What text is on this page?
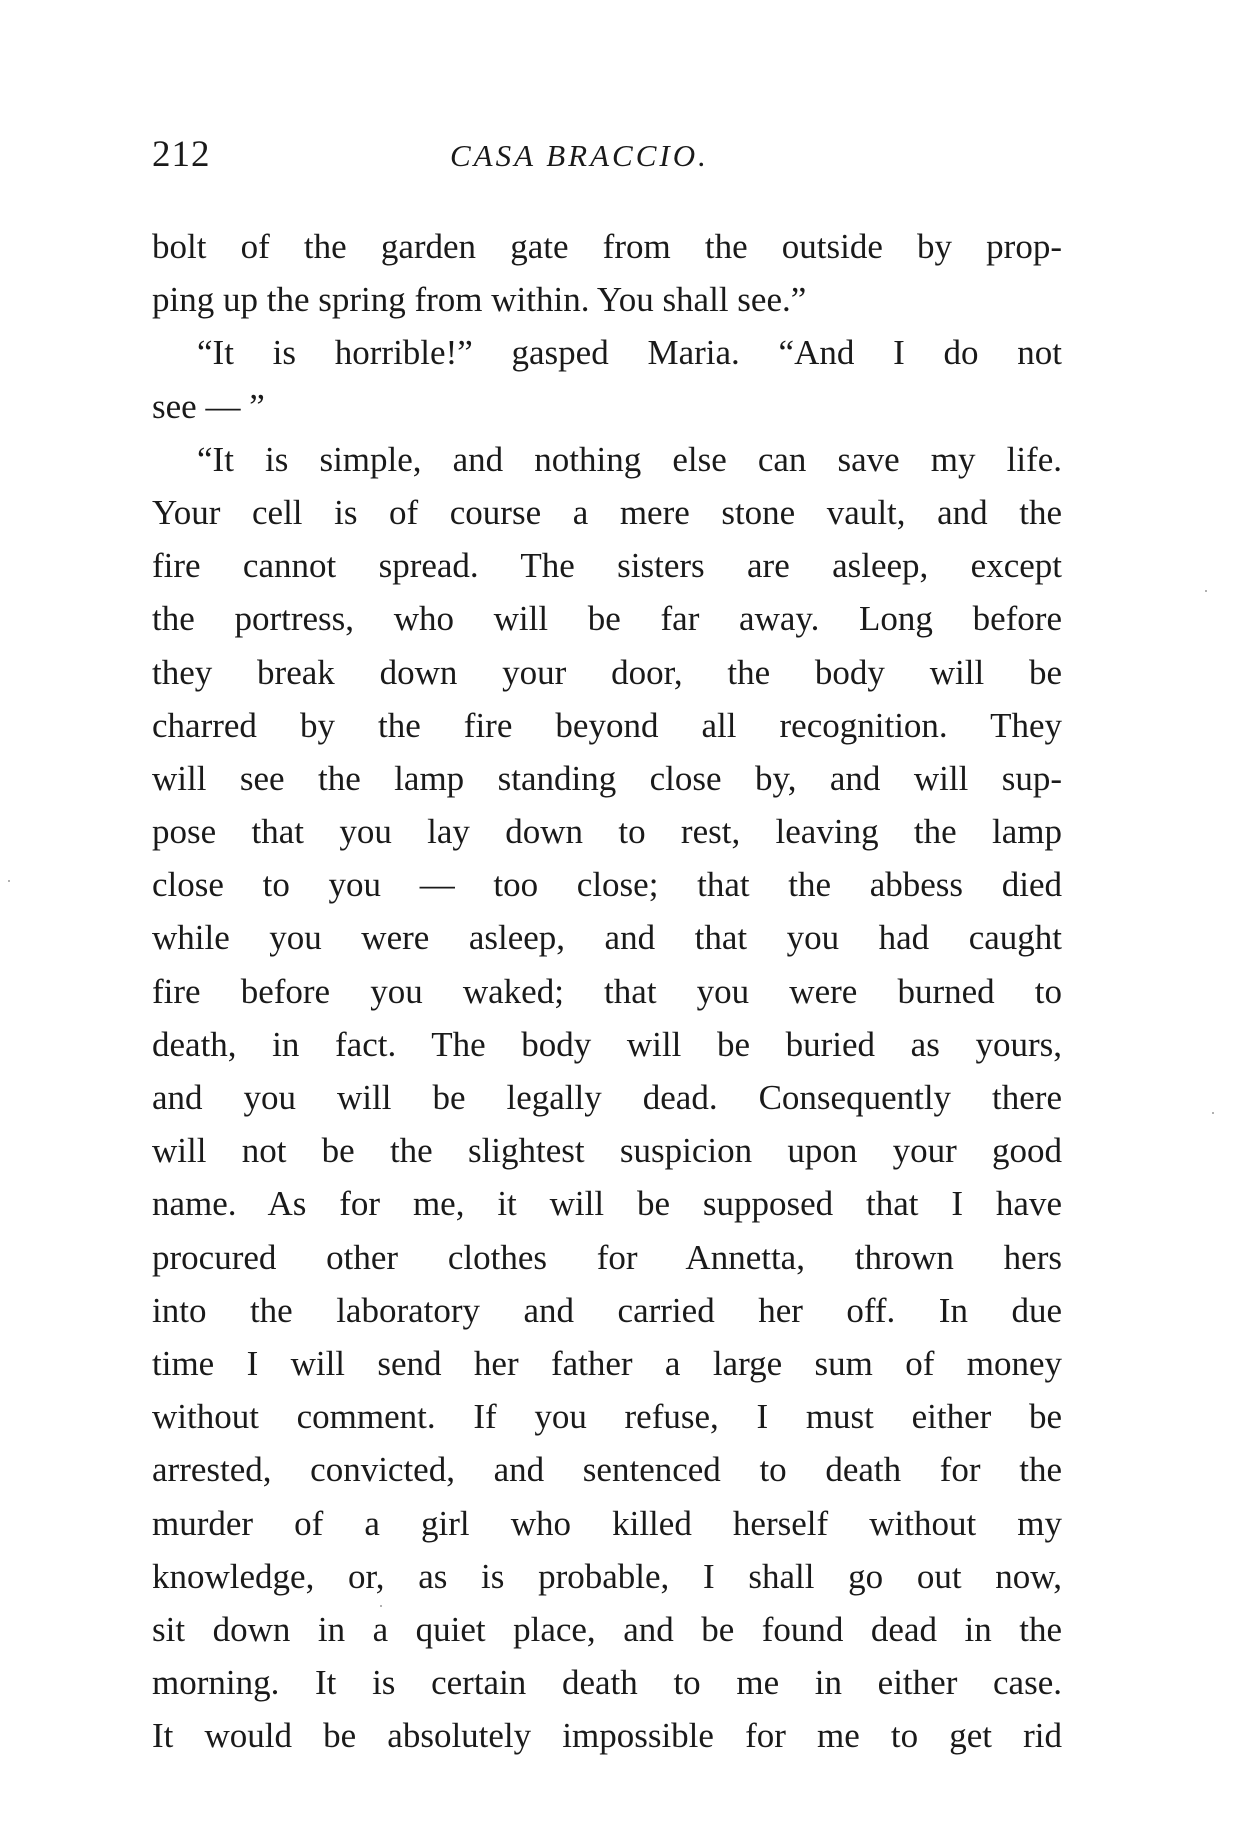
212	CASA BRACCIO.
bolt of the garden gate from the outside by prop-
ping up the spring from within. You shall see.”
“It is horrible!” gasped Maria. “And I do not
see — ”
“It is simple, and nothing else can save my life.
Your cell is of course a mere stone vault, and the
fire cannot spread. The sisters are asleep, except
the portress, who will be far away. Long before
they break down your door, the body will be
charred by the fire beyond all recognition. They
will see the lamp standing close by, and will sup-
pose that you lay down to rest, leaving the lamp
close to you — too close; that the abbess died
while you were asleep, and that you had caught
fire before you waked; that you were burned to
death, in fact. The body will be buried as yours,
and you will be legally dead. Consequently there
will not be the slightest suspicion upon your good
name. As for me, it will be supposed that I have
procured other clothes for Annetta, thrown hers
into the laboratory and carried her off. In due
time I will send her father a large sum of money
without comment. If you refuse, I must either be
arrested, convicted, and sentenced to death for the
murder of a girl who killed herself without my
knowledge, or, as is probable, I shall go out now,
sit down in a quiet place, and be found dead in the
morning. It is certain death to me in either case.
It would be absolutely impossible for me to get rid
